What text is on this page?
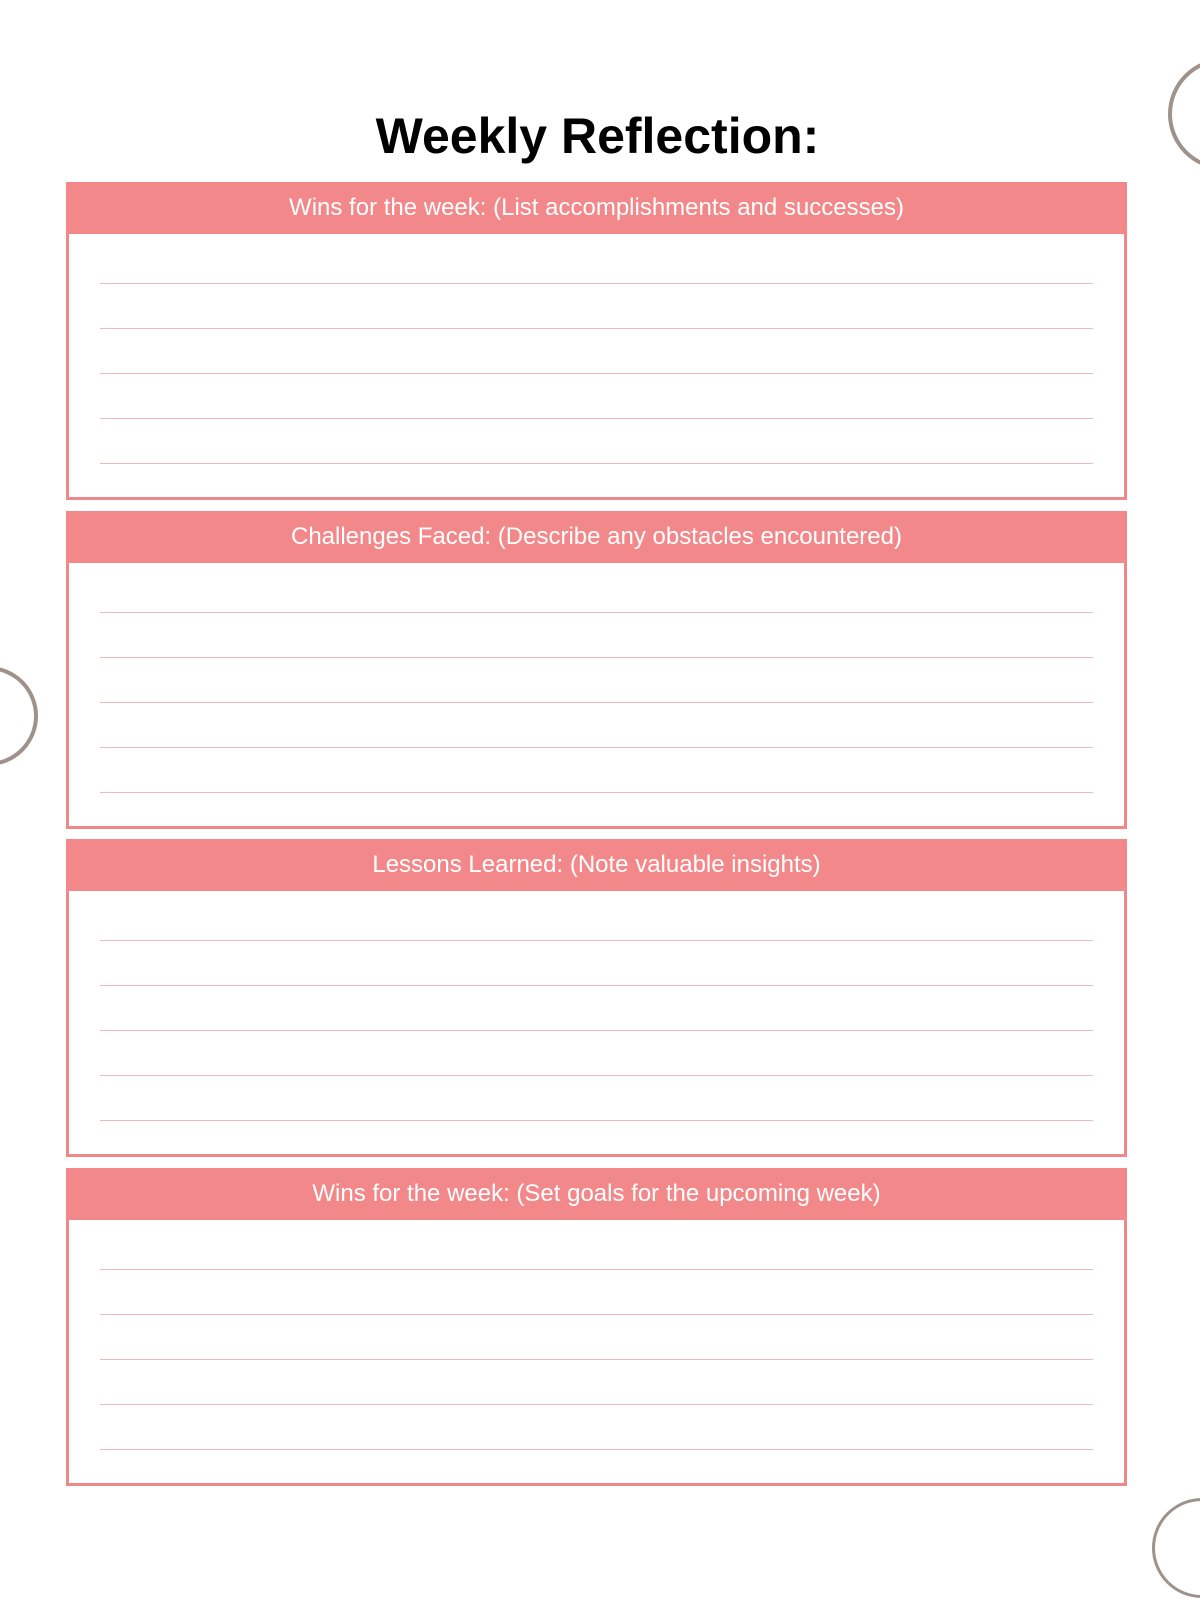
Weekly Reflection:
Wins for the week: (List accomplishments and successes)
Challenges Faced: (Describe any obstacles encountered)
Lessons Learned: (Note valuable insights)
Wins for the week: (Set goals for the upcoming week)
